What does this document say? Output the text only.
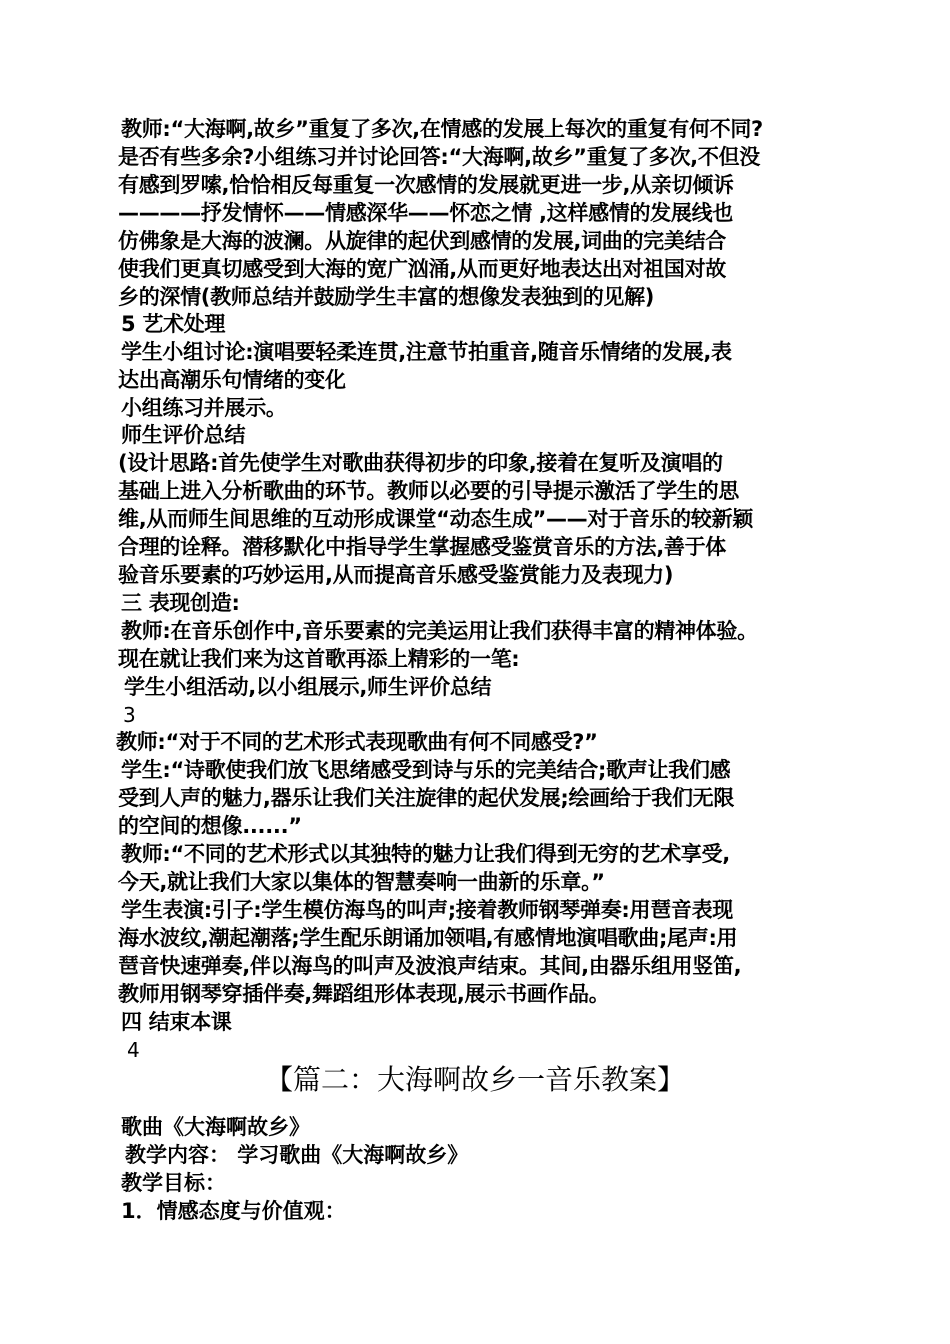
教师:“大海啊,故乡”重复了多次,在情感的发展上每次的重复有何不同?
是否有些多余?小组练习并讨论回答:“大海啊,故乡”重复了多次,不但没
有感到罗嗦,恰恰相反每重复一次感情的发展就更进一步,从亲切倾诉
————抒发情怀——情感深华——怀恋之情 ,这样感情的发展线也
仿佛象是大海的波澜。从旋律的起伏到感情的发展,词曲的完美结合
使我们更真切感受到大海的宽广汹涌,从而更好地表达出对祖国对故
乡的深情(教师总结并鼓励学生丰富的想像发表独到的见解)
5 艺术处理
学生小组讨论:演唱要轻柔连贯,注意节拍重音,随音乐情绪的发展,表
达出高潮乐句情绪的变化
小组练习并展示。
师生评价总结
(设计思路:首先使学生对歌曲获得初步的印象,接着在复听及演唱的
基础上进入分析歌曲的环节。教师以必要的引导提示激活了学生的思
维,从而师生间思维的互动形成课堂“动态生成”——对于音乐的较新颖
合理的诠释。潜移默化中指导学生掌握感受鉴赏音乐的方法,善于体
验音乐要素的巧妙运用,从而提高音乐感受鉴赏能力及表现力)
三 表现创造:
教师:在音乐创作中,音乐要素的完美运用让我们获得丰富的精神体验。
现在就让我们来为这首歌再添上精彩的一笔:
学生小组活动,以小组展示,师生评价总结
3
教师:“对于不同的艺术形式表现歌曲有何不同感受?”
学生:“诗歌使我们放飞思绪感受到诗与乐的完美结合;歌声让我们感
受到人声的魅力,器乐让我们关注旋律的起伏发展;绘画给于我们无限
的空间的想像......”
教师:“不同的艺术形式以其独特的魅力让我们得到无穷的艺术享受,
今天,就让我们大家以集体的智慧奏响一曲新的乐章。”
学生表演:引子:学生模仿海鸟的叫声;接着教师钢琴弹奏:用琶音表现
海水波纹,潮起潮落;学生配乐朗诵加领唱,有感情地演唱歌曲;尾声:用
琶音快速弹奏,伴以海鸟的叫声及波浪声结束。其间,由器乐组用竖笛,
教师用钢琴穿插伴奏,舞蹈组形体表现,展示书画作品。
四 结束本课
4
【篇二：大海啊故乡一音乐教案】
歌曲《大海啊故乡》
教学内容： 学习歌曲《大海啊故乡》
教学目标：
1．情感态度与价值观：
